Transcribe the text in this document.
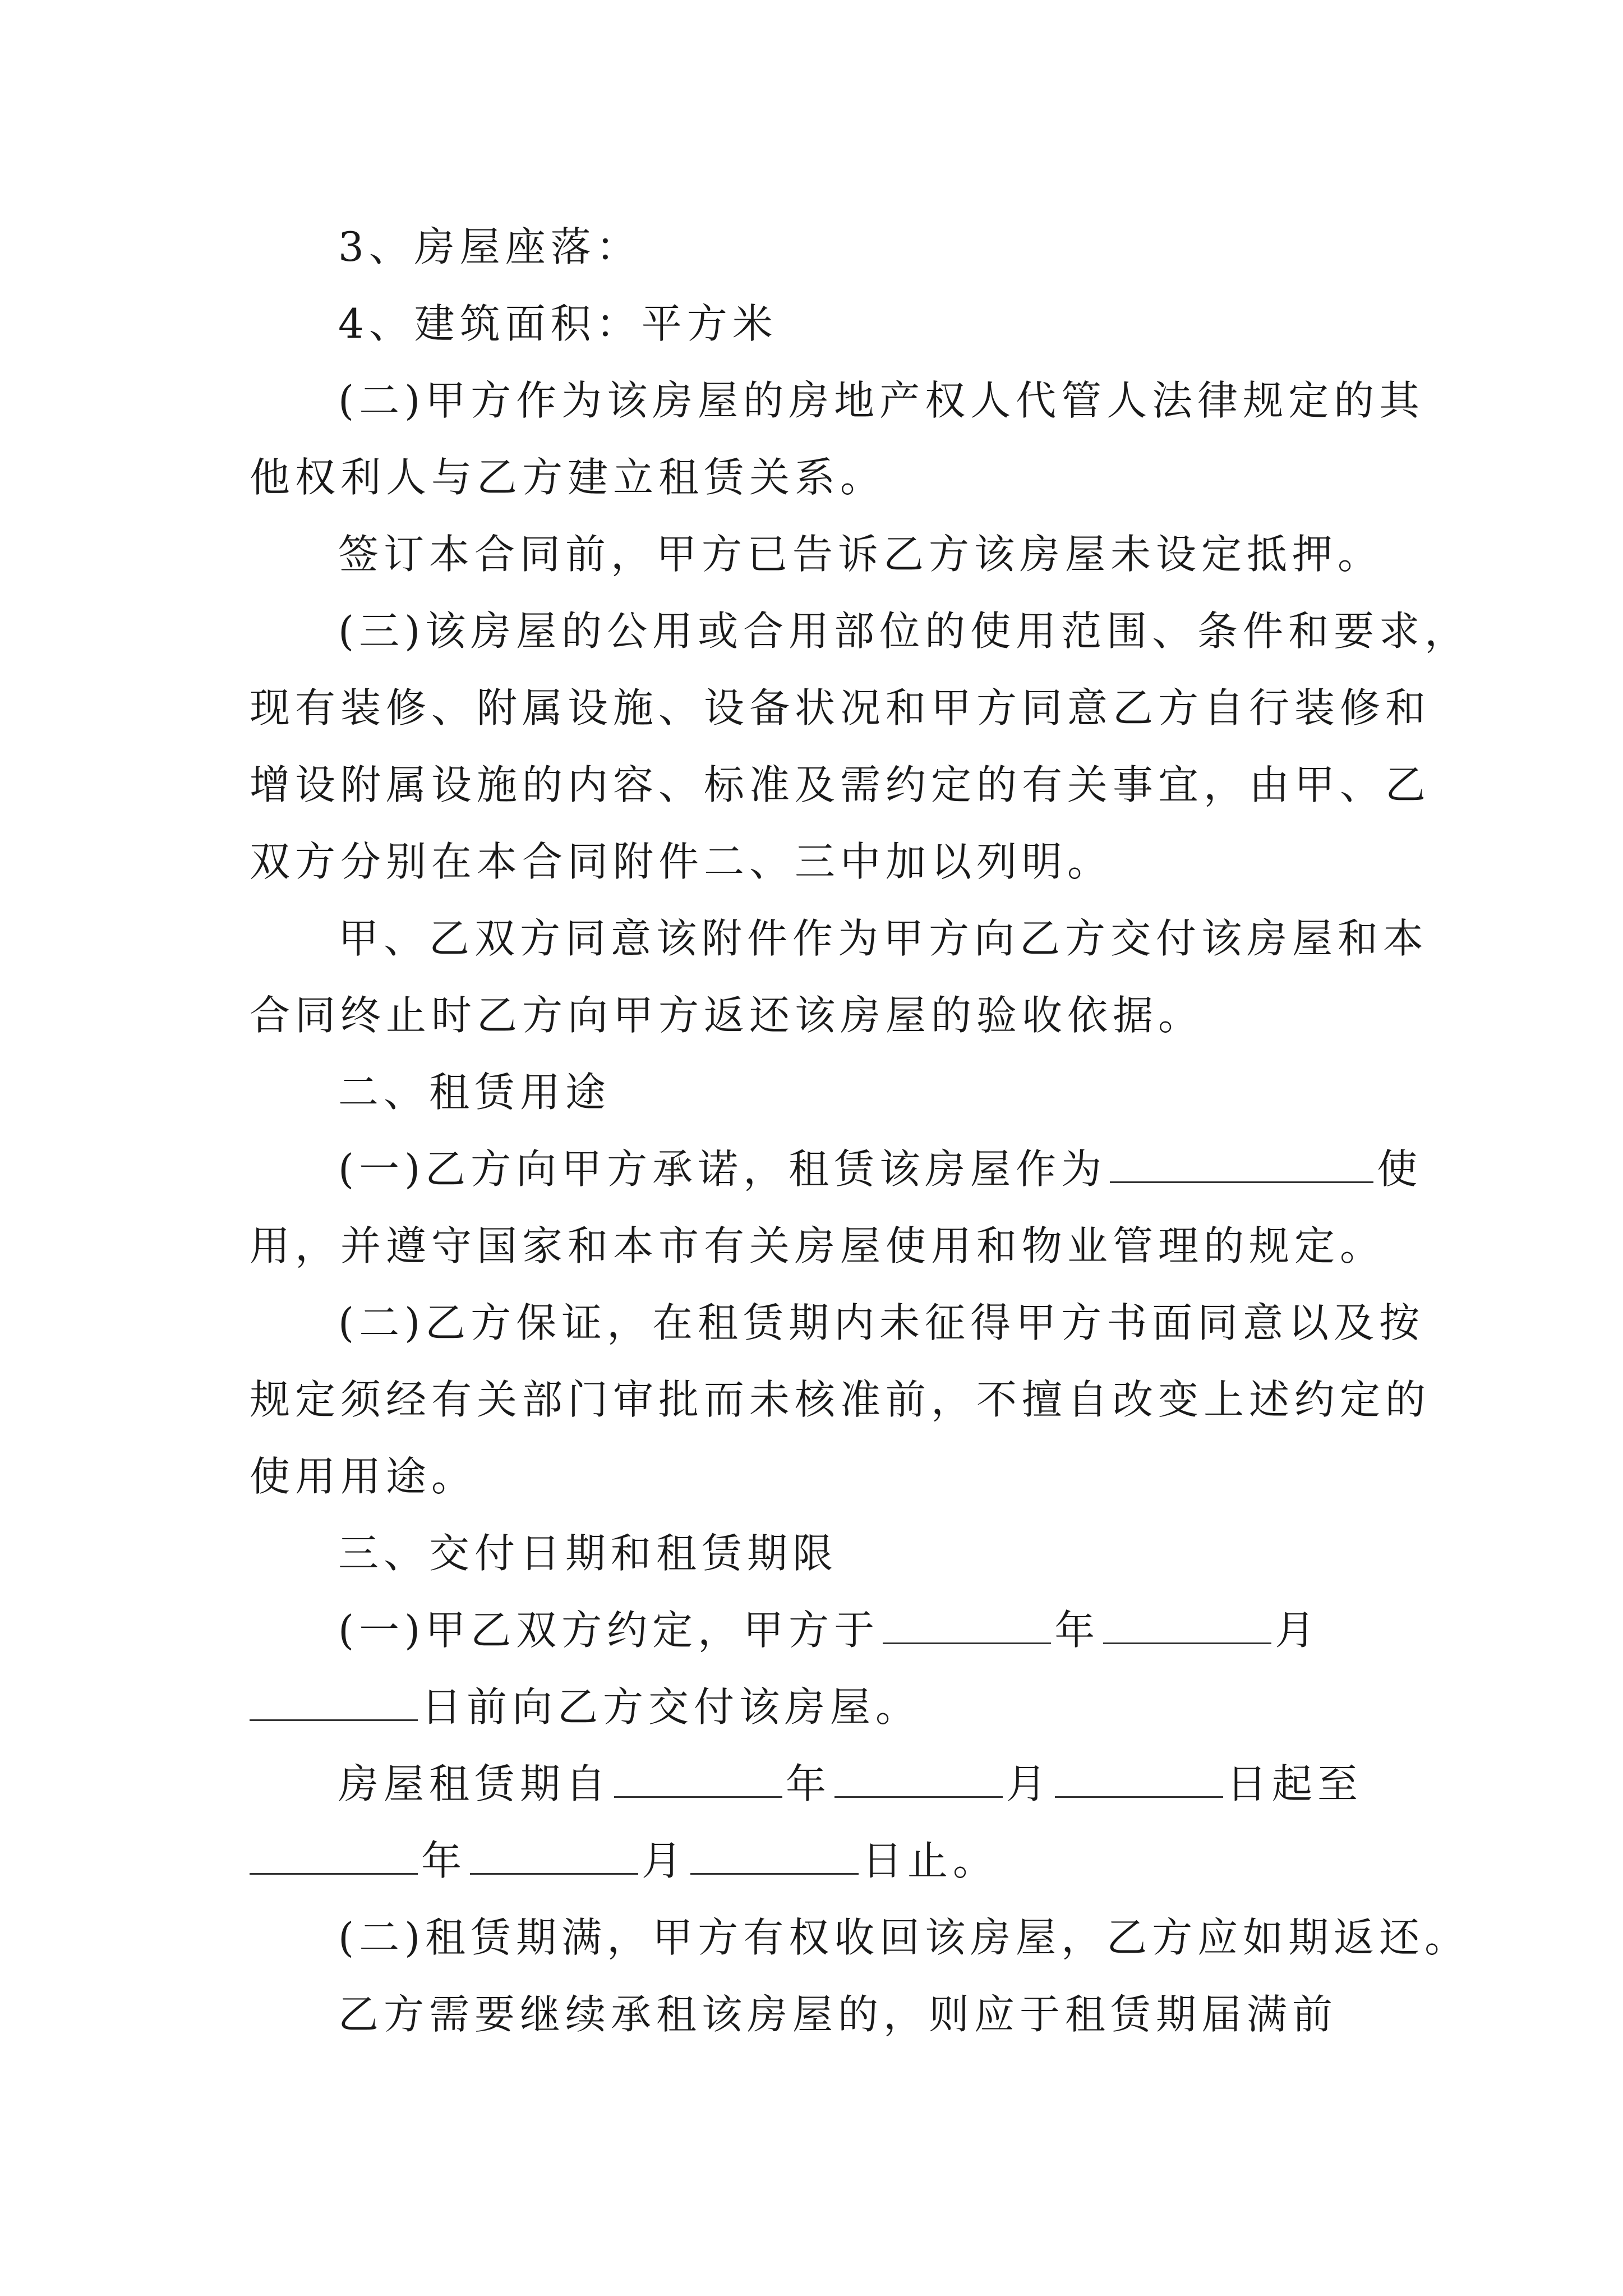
3、房屋座落：

4、建筑面积：平方米

(二)甲方作为该房屋的房地产权人代管人法律规定的其

他权利人与乙方建立租赁关系。

签订本合同前，甲方已告诉乙方该房屋未设定抵押。

(三)该房屋的公用或合用部位的使用范围、条件和要求，

现有装修、附属设施、设备状况和甲方同意乙方自行装修和

增设附属设施的内容、标准及需约定的有关事宜，由甲、乙

双方分别在本合同附件二、三中加以列明。

甲、乙双方同意该附件作为甲方向乙方交付该房屋和本

合同终止时乙方向甲方返还该房屋的验收依据。

二、租赁用途

(一)乙方向甲方承诺，租赁该房屋作为	使

用，并遵守国家和本市有关房屋使用和物业管理的规定。

(二)乙方保证，在租赁期内未征得甲方书面同意以及按

规定须经有关部门审批而未核准前，不擅自改变上述约定的

使用用途。

三、交付日期和租赁期限

(一)甲乙双方约定，甲方于	年	月

日前向乙方交付该房屋。

房屋租赁期自	年	月	日起至

年	月	日止。

(二)租赁期满，甲方有权收回该房屋，乙方应如期返还。

乙方需要继续承租该房屋的，则应于租赁期届满前
